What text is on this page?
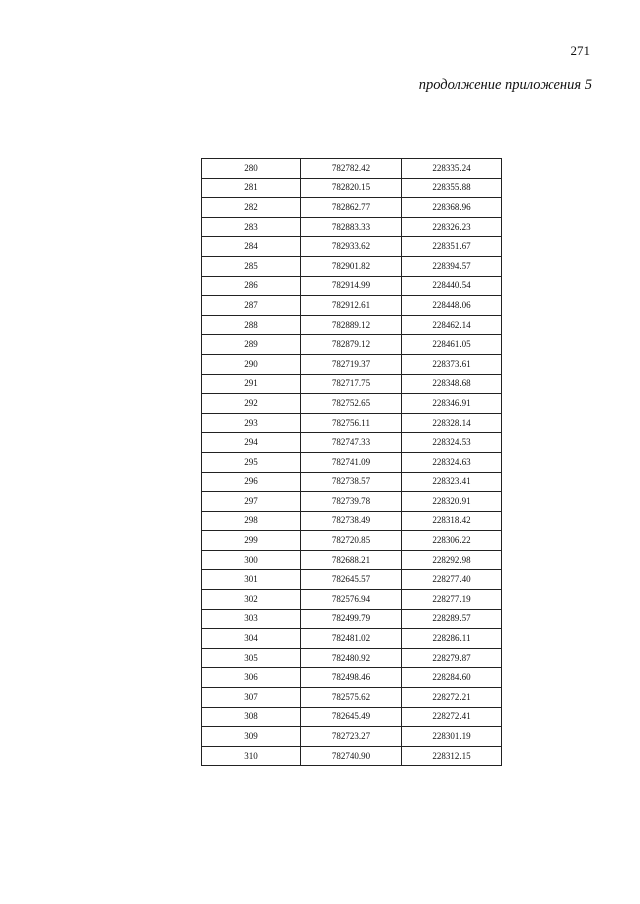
271
продолжение приложения 5
280	782782.42	228335.24
281	782820.15	228355.88
282	782862.77	228368.96
283	782883.33	228326.23
284	782933.62	228351.67
285	782901.82	228394.57
286	782914.99	228440.54
287	782912.61	228448.06
288	782889.12	228462.14
289	782879.12	228461.05
290	782719.37	228373.61
291	782717.75	228348.68
292	782752.65	228346.91
293	782756.11	228328.14
294	782747.33	228324.53
295	782741.09	228324.63
296	782738.57	228323.41
297	782739.78	228320.91
298	782738.49	228318.42
299	782720.85	228306.22
300	782688.21	228292.98
301	782645.57	228277.40
302	782576.94	228277.19
303	782499.79	228289.57
304	782481.02	228286.11
305	782480.92	228279.87
306	782498.46	228284.60
307	782575.62	228272.21
308	782645.49	228272.41
309	782723.27	228301.19
310	782740.90	228312.15
